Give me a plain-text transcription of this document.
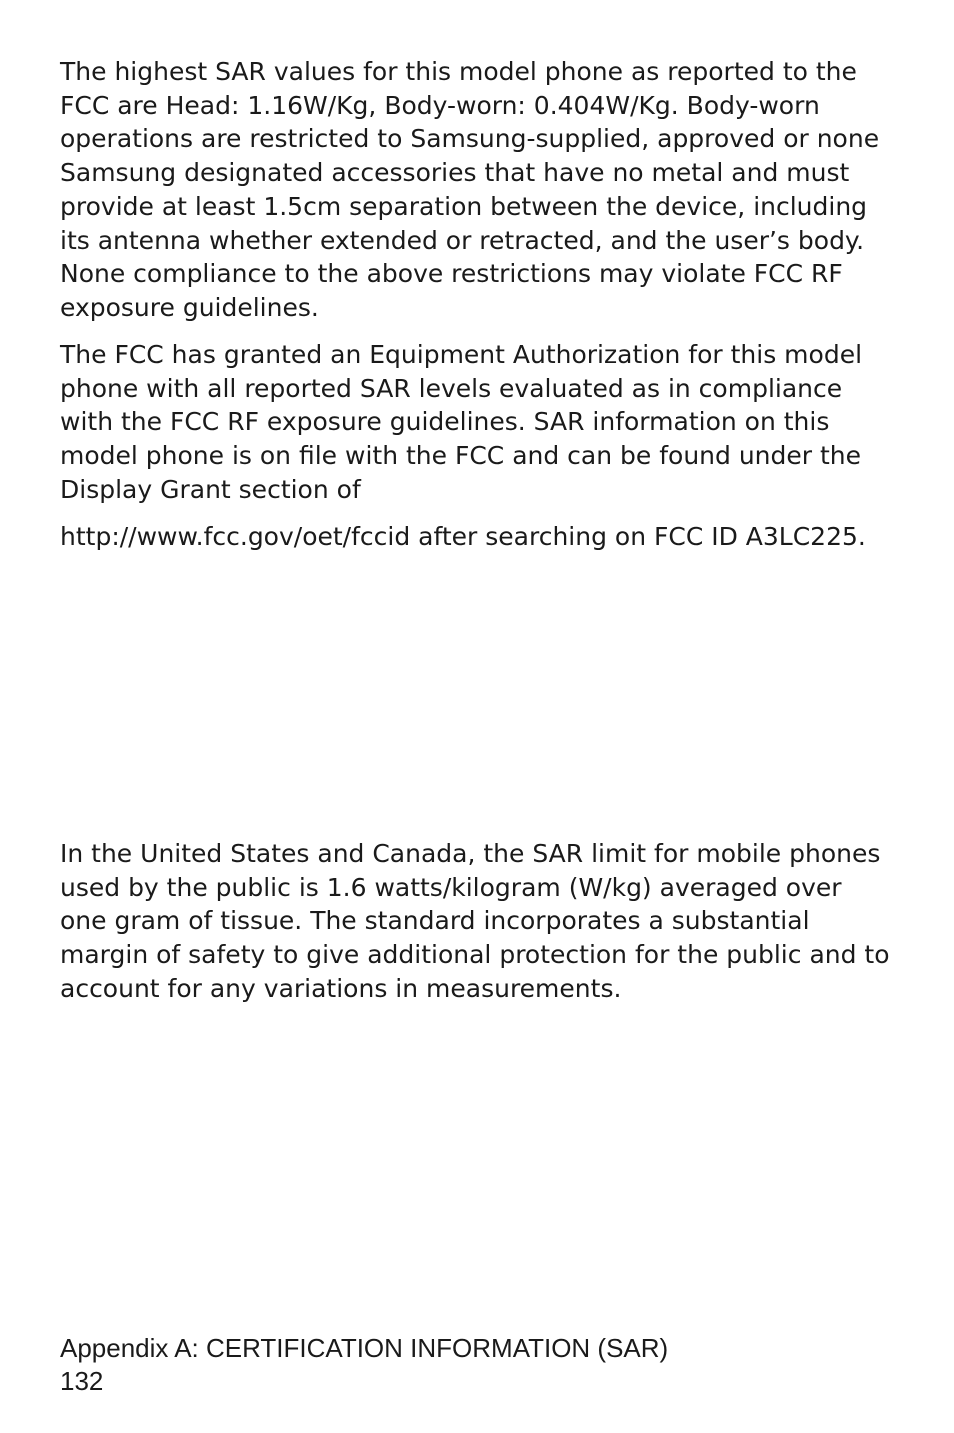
The highest SAR values for this model phone as reported to the FCC are Head: 1.16W/Kg, Body-worn: 0.404W/Kg. Body-worn operations are restricted to Samsung-supplied, approved or none Samsung designated accessories that have no metal and must provide at least 1.5cm separation between the device, including its antenna whether extended or retracted, and the user’s body. None compliance to the above restrictions may violate FCC RF exposure guidelines.

The FCC has granted an Equipment Authorization for this model phone with all reported SAR levels evaluated as in compliance with the FCC RF exposure guidelines. SAR information on this model phone is on file with the FCC and can be found under the Display Grant section of

http://www.fcc.gov/oet/fccid after searching on FCC ID A3LC225.

In the United States and Canada, the SAR limit for mobile phones used by the public is 1.6 watts/kilogram (W/kg) averaged over one gram of tissue. The standard incorporates a substantial margin of safety to give additional protection for the public and to account for any variations in measurements.

Appendix A: CERTIFICATION INFORMATION (SAR)
132
